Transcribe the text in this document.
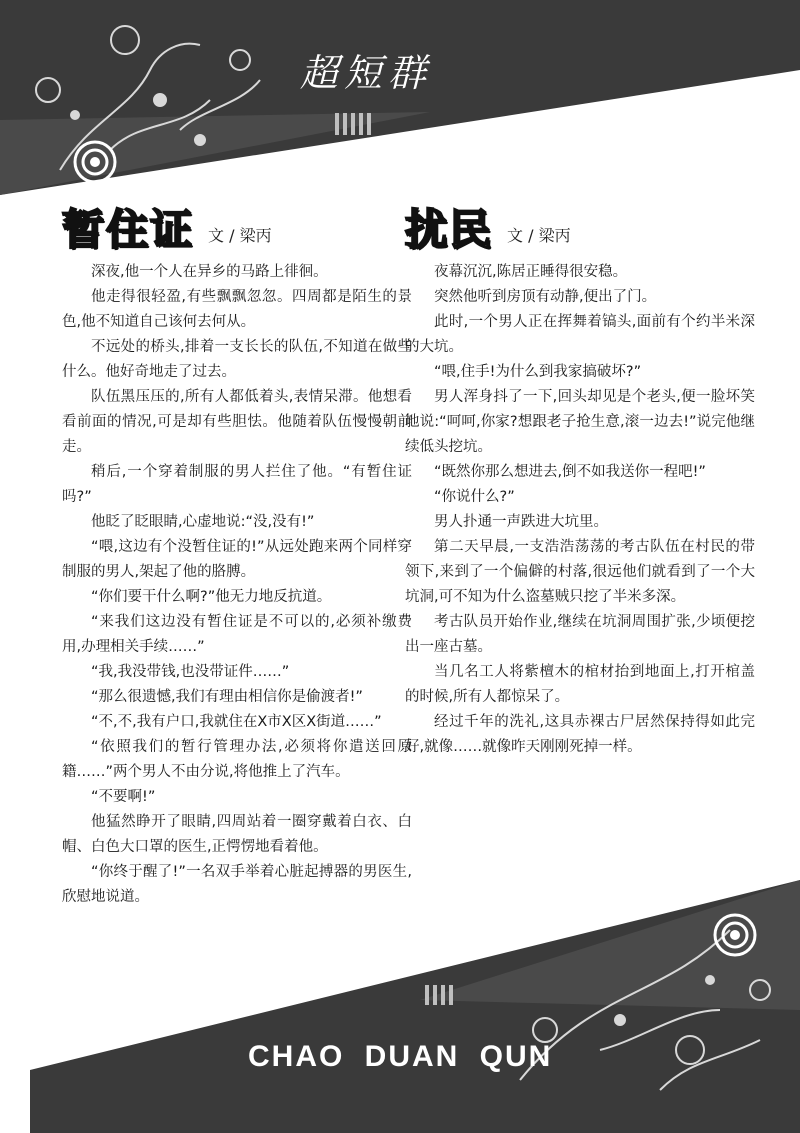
超短群
暂住证 文 / 梁丙

深夜,他一个人在异乡的马路上徘徊。

他走得很轻盈,有些飘飘忽忽。四周都是陌生的景色,他不知道自己该何去何从。

不远处的桥头,排着一支长长的队伍,不知道在做些什么。他好奇地走了过去。

队伍黑压压的,所有人都低着头,表情呆滞。他想看看前面的情况,可是却有些胆怯。他随着队伍慢慢朝前走。

稍后,一个穿着制服的男人拦住了他。“有暂住证吗?”

他眨了眨眼睛,心虚地说:“没,没有!”

“喂,这边有个没暂住证的!”从远处跑来两个同样穿制服的男人,架起了他的胳膊。

“你们要干什么啊?”他无力地反抗道。

“来我们这边没有暂住证是不可以的,必须补缴费用,办理相关手续……”

“我,我没带钱,也没带证件……”

“那么很遗憾,我们有理由相信你是偷渡者!”

“不,不,我有户口,我就住在X市X区X街道……”

“依照我们的暂行管理办法,必须将你遣送回原籍……”两个男人不由分说,将他推上了汽车。

“不要啊!”

他猛然睁开了眼睛,四周站着一圈穿戴着白衣、白帽、白色大口罩的医生,正愕愣地看着他。

“你终于醒了!”一名双手举着心脏起搏器的男医生,欣慰地说道。

扰民 文 / 梁丙

夜幕沉沉,陈居正睡得很安稳。

突然他听到房顶有动静,便出了门。

此时,一个男人正在挥舞着镐头,面前有个约半米深的大坑。

“喂,住手!为什么到我家搞破坏?”

男人浑身抖了一下,回头却见是个老头,便一脸坏笑地说:“呵呵,你家?想跟老子抢生意,滚一边去!”说完他继续低头挖坑。

“既然你那么想进去,倒不如我送你一程吧!”

“你说什么?”

男人扑通一声跌进大坑里。

第二天早晨,一支浩浩荡荡的考古队伍在村民的带领下,来到了一个偏僻的村落,很远他们就看到了一个大坑洞,可不知为什么盗墓贼只挖了半米多深。

考古队员开始作业,继续在坑洞周围扩张,少顷便挖出一座古墓。

当几名工人将紫檀木的棺材抬到地面上,打开棺盖的时候,所有人都惊呆了。

经过千年的洗礼,这具赤裸古尸居然保持得如此完好,就像……就像昨天刚刚死掉一样。

CHAO DUAN QUN
